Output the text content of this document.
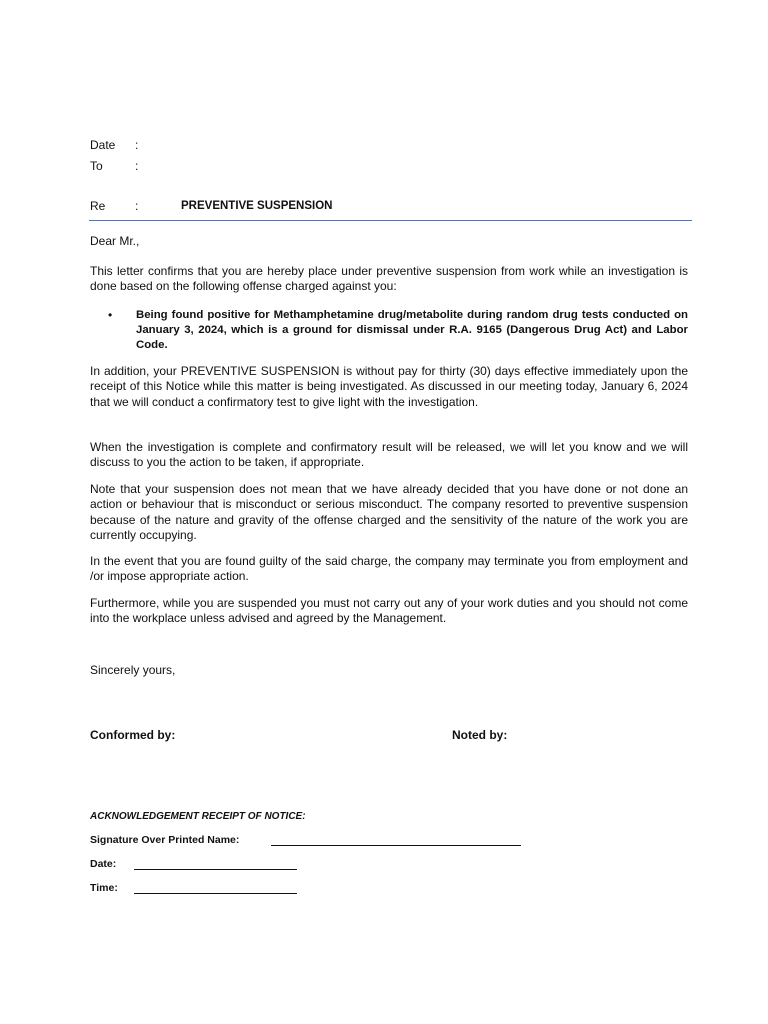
Date :
To	:
Re :	PREVENTIVE SUSPENSION
Dear Mr.,
This letter confirms that you are hereby place under preventive suspension from work while an investigation is done based on the following offense charged against you:
• Being found positive for Methamphetamine drug/metabolite during random drug tests conducted on January 3, 2024, which is a ground for dismissal under R.A. 9165 (Dangerous Drug Act) and Labor Code.
In addition, your PREVENTIVE SUSPENSION is without pay for thirty (30) days effective immediately upon the receipt of this Notice while this matter is being investigated. As discussed in our meeting today, January 6, 2024 that we will conduct a confirmatory test to give light with the investigation.
When the investigation is complete and confirmatory result will be released, we will let you know and we will discuss to you the action to be taken, if appropriate.
Note that your suspension does not mean that we have already decided that you have done or not done an action or behaviour that is misconduct or serious misconduct. The company resorted to preventive suspension because of the nature and gravity of the offense charged and the sensitivity of the nature of the work you are currently occupying.
In the event that you are found guilty of the said charge, the company may terminate you from employment and /or impose appropriate action.
Furthermore, while you are suspended you must not carry out any of your work duties and you should not come into the workplace unless advised and agreed by the Management.
Sincerely yours,
Conformed by:	Noted by:
ACKNOWLEDGEMENT RECEIPT OF NOTICE:
Signature Over Printed Name:
Date:
Time:
